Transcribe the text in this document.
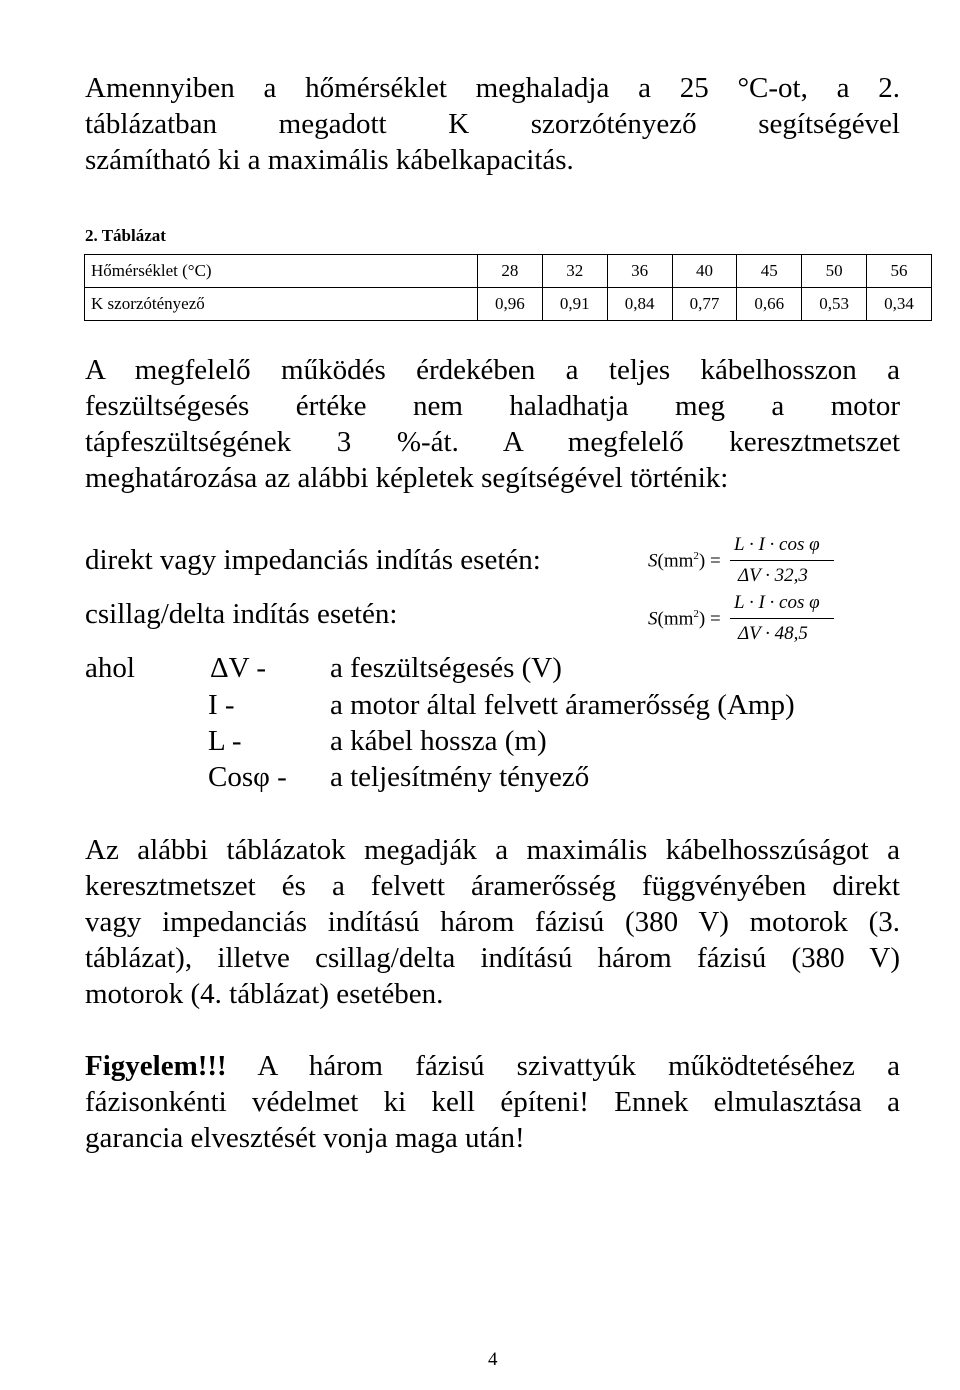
Amennyiben a hőmérséklet meghaladja a 25 °C-ot, a 2.
táblázatban megadott K szorzótényező segítségével
számítható ki a maximális kábelkapacitás.
2. Táblázat
Hőmérséklet (°C)	28	32	36	40	45	50	56
K szorzótényező	0,96	0,91	0,84	0,77	0,66	0,53	0,34
A megfelelő működés érdekében a teljes kábelhosszon a
feszültségesés értéke nem haladhatja meg a motor
tápfeszültségének 3 %-át. A megfelelő keresztmetszet
meghatározása az alábbi képletek segítségével történik:
direkt vagy impedanciás indítás esetén:
csillag/delta indítás esetén:
$S(mm^2)$ =
L · I · cos φ
ΔV · 32,3
$S(mm^2)$ =
L · I · cos φ
ΔV · 48,5
ahol	ΔV - a feszültségesés (V)
I -	a motor által felvett áramerősség (Amp)
L -	a kábel hossza (m)
Cosφ - a teljesítmény tényező
Az alábbi táblázatok megadják a maximális kábelhosszúságot a
keresztmetszet és a felvett áramerősség függvényében direkt
vagy impedanciás indítású három fázisú (380 V) motorok (3.
táblázat), illetve csillag/delta indítású három fázisú (380 V)
motorok (4. táblázat) esetében.
Figyelem!!! A három fázisú szivattyúk működtetéséhez a
fázisonkénti védelmet ki kell építeni! Ennek elmulasztása a
garancia elvesztését vonja maga után!
4
